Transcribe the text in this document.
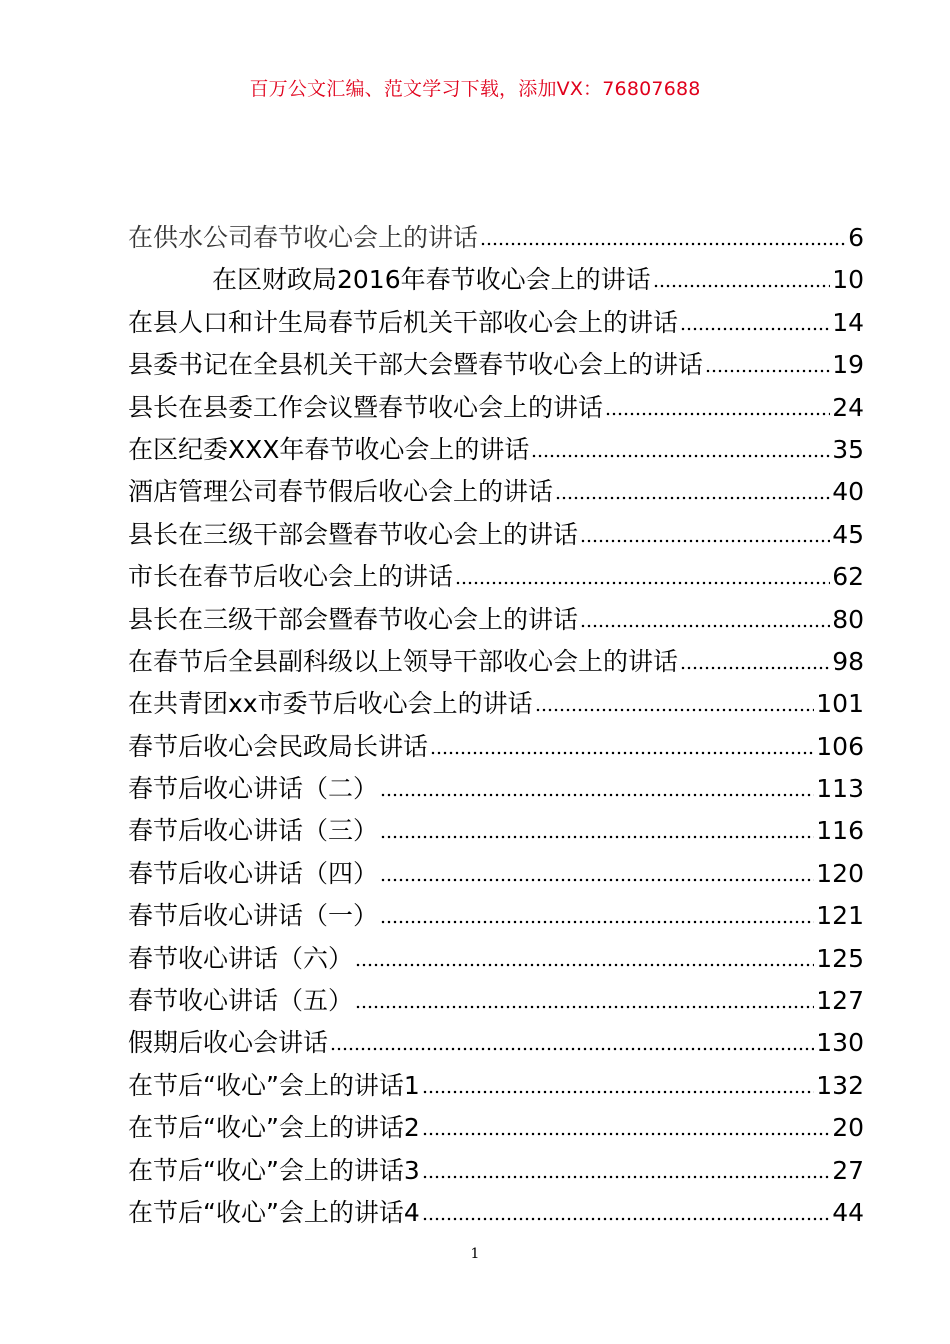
百万公文汇编、范文学习下载，添加VX：76807688
在供水公司春节收心会上的讲话	6
在区财政局2016年春节收心会上的讲话	10
在县人口和计生局春节后机关干部收心会上的讲话	14
县委书记在全县机关干部大会暨春节收心会上的讲话	19
县长在县委工作会议暨春节收心会上的讲话	24
在区纪委XXX年春节收心会上的讲话	35
酒店管理公司春节假后收心会上的讲话	40
县长在三级干部会暨春节收心会上的讲话	45
市长在春节后收心会上的讲话	62
县长在三级干部会暨春节收心会上的讲话	80
在春节后全县副科级以上领导干部收心会上的讲话	98
在共青团xx市委节后收心会上的讲话	101
春节后收心会民政局长讲话	106
春节后收心讲话（二）	113
春节后收心讲话（三）	116
春节后收心讲话（四）	120
春节后收心讲话（一）	121
春节收心讲话（六）	125
春节收心讲话（五）	127
假期后收心会讲话	130
在节后“收心”会上的讲话1	132
在节后“收心”会上的讲话2	20
在节后“收心”会上的讲话3	27
在节后“收心”会上的讲话4	44
1
